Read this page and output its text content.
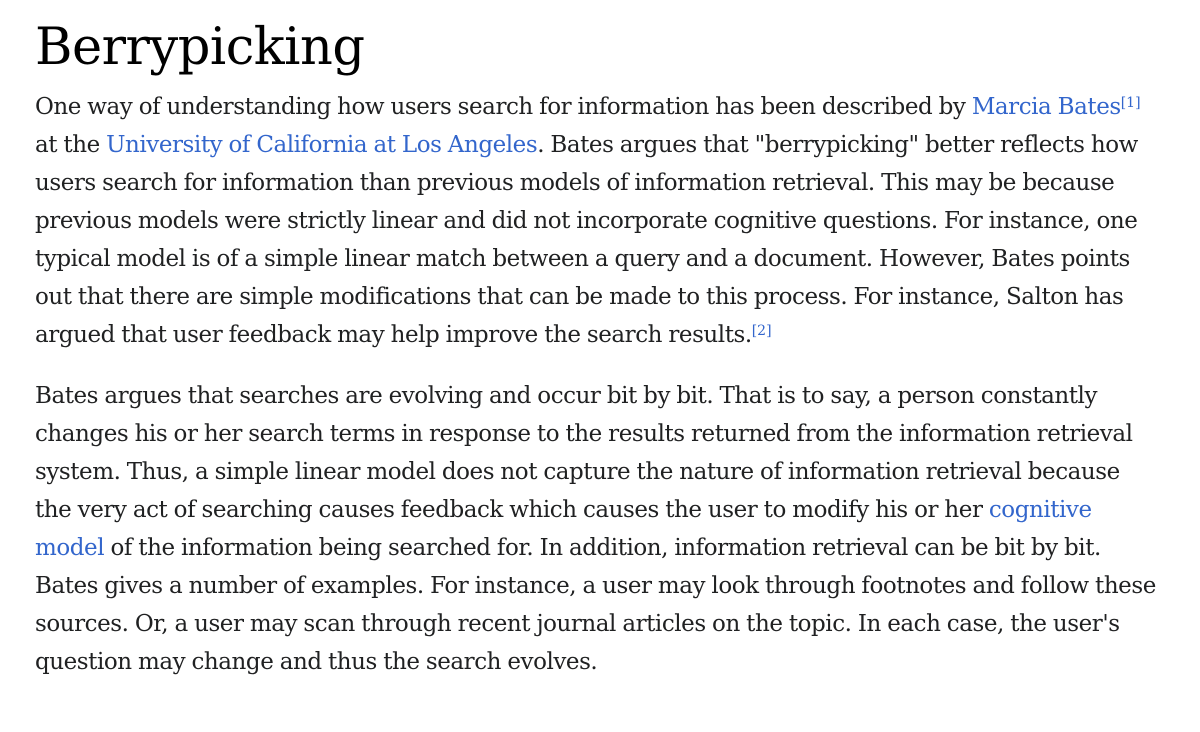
Berrypicking

One way of understanding how users search for information has been described by Marcia Bates[1] at the University of California at Los Angeles. Bates argues that "berrypicking" better reflects how users search for information than previous models of information retrieval. This may be because previous models were strictly linear and did not incorporate cognitive questions. For instance, one typical model is of a simple linear match between a query and a document. However, Bates points out that there are simple modifications that can be made to this process. For instance, Salton has argued that user feedback may help improve the search results.[2]

Bates argues that searches are evolving and occur bit by bit. That is to say, a person constantly changes his or her search terms in response to the results returned from the information retrieval system. Thus, a simple linear model does not capture the nature of information retrieval because the very act of searching causes feedback which causes the user to modify his or her cognitive model of the information being searched for. In addition, information retrieval can be bit by bit. Bates gives a number of examples. For instance, a user may look through footnotes and follow these sources. Or, a user may scan through recent journal articles on the topic. In each case, the user's question may change and thus the search evolves.
